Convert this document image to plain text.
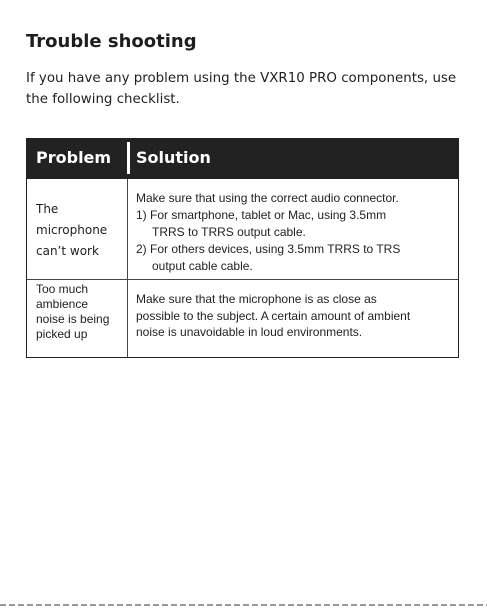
Trouble shooting
If you have any problem using the VXR10 PRO components, use the following checklist.
Problem Solution
The
microphone
can’t work
Make sure that using the correct audio connector.
1) For smartphone, tablet or Mac, using 3.5mm
TRRS to TRRS output cable.
2) For others devices, using 3.5mm TRRS to TRS
output cable cable.
Too much
ambience
noise is being
picked up
Make sure that the microphone is as close as
possible to the subject. A certain amount of ambient
noise is unavoidable in loud environments.
